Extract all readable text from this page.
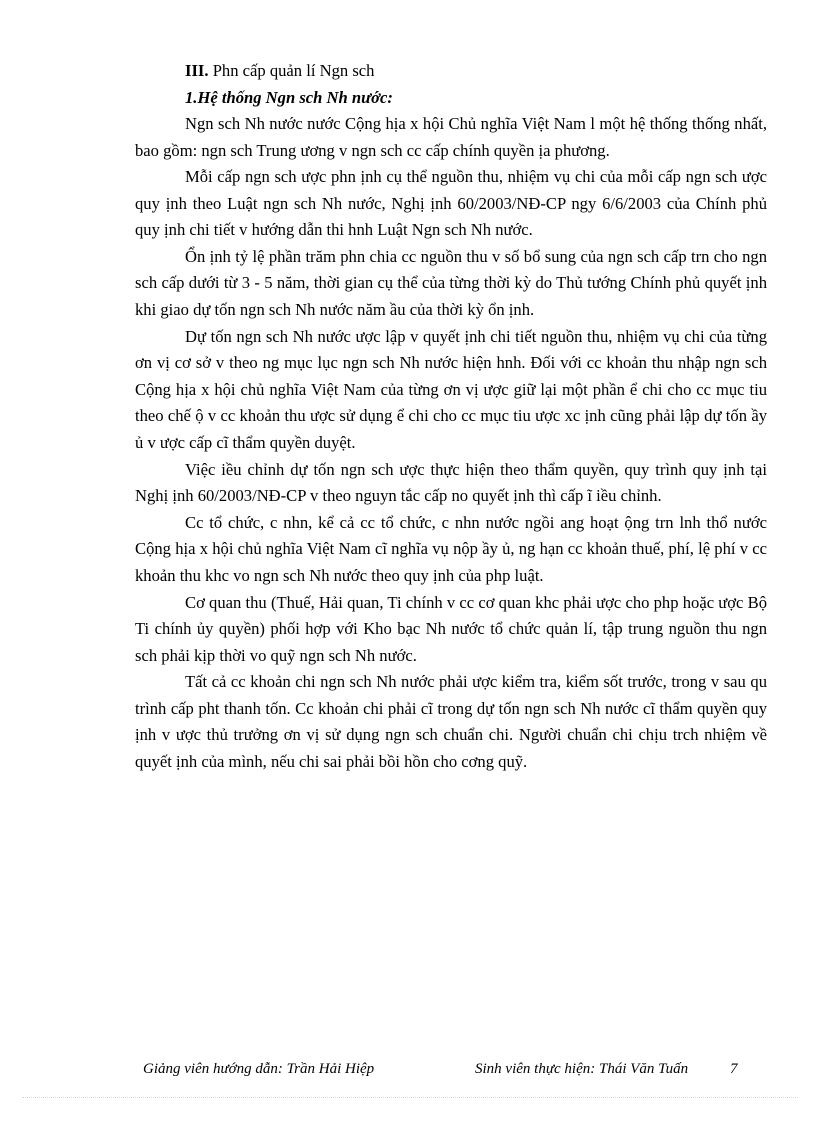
III. Phn cấp quản lí Ngn sch

1.Hệ thống Ngn sch Nh nước:

Ngn sch Nh nước nước Cộng hịa x hội Chủ nghĩa Việt Nam l một hệ thống thống nhất, bao gồm: ngn sch Trung ương v ngn sch cc cấp chính quyền ịa phương.

Mỗi cấp ngn sch ược phn ịnh cụ thể nguồn thu, nhiệm vụ chi của mỗi cấp ngn sch ược quy ịnh theo Luật ngn sch Nh nước, Nghị ịnh 60/2003/NĐ-CP ngy 6/6/2003 của Chính phủ quy ịnh chi tiết v hướng dẫn thi hnh Luật Ngn sch Nh nước.

Ổn ịnh tỷ lệ phần trăm phn chia cc nguồn thu v số bổ sung của ngn sch cấp trn cho ngn sch cấp dưới từ 3 - 5 năm, thời gian cụ thể của từng thời kỳ do Thủ tướng Chính phủ quyết ịnh khi giao dự tốn ngn sch Nh nước năm ầu của thời kỳ ổn ịnh.

Dự tốn ngn sch Nh nước ược lập v quyết ịnh chi tiết nguồn thu, nhiệm vụ chi của từng ơn vị cơ sở v theo ng mục lục ngn sch Nh nước hiện hnh. Đối với cc khoản thu nhập ngn sch Cộng hịa x hội chủ nghĩa Việt Nam của từng ơn vị ược giữ lại một phần ể chi cho cc mục tiu theo chế ộ v cc khoản thu ược sử dụng ể chi cho cc mục tiu ược xc ịnh cũng phải lập dự tốn ầy ủ v ược cấp cĩ thẩm quyền duyệt.

Việc iều chỉnh dự tốn ngn sch ược thực hiện theo thẩm quyền, quy trình quy ịnh tại Nghị ịnh 60/2003/NĐ-CP v theo nguyn tắc cấp no quyết ịnh thì cấp ĩ iều chỉnh.

Cc tổ chức, c nhn, kể cả cc tổ chức, c nhn nước ngồi ang hoạt ộng trn lnh thổ nước Cộng hịa x hội chủ nghĩa Việt Nam cĩ nghĩa vụ nộp ầy ủ, ng hạn cc khoản thuế, phí, lệ phí v cc khoản thu khc vo ngn sch Nh nước theo quy ịnh của php luật.

Cơ quan thu (Thuế, Hải quan, Ti chính v cc cơ quan khc phải ược cho php hoặc ược Bộ Ti chính ủy quyền) phối hợp với Kho bạc Nh nước tổ chức quản lí, tập trung nguồn thu ngn sch phải kịp thời vo quỹ ngn sch Nh nước.

Tất cả cc khoản chi ngn sch Nh nước phải ược kiểm tra, kiểm sốt trước, trong v sau qu trình cấp pht thanh tốn. Cc khoản chi phải cĩ trong dự tốn ngn sch Nh nước cĩ thẩm quyền quy ịnh v ược thủ trưởng ơn vị sử dụng ngn sch chuẩn chi. Người chuẩn chi chịu trch nhiệm về quyết ịnh của mình, nếu chi sai phải bồi hồn cho cơng quỹ.

Giảng viên hướng dẫn: Trần Hải Hiệp	Sinh viên thực hiện: Thái Văn Tuấn	7
